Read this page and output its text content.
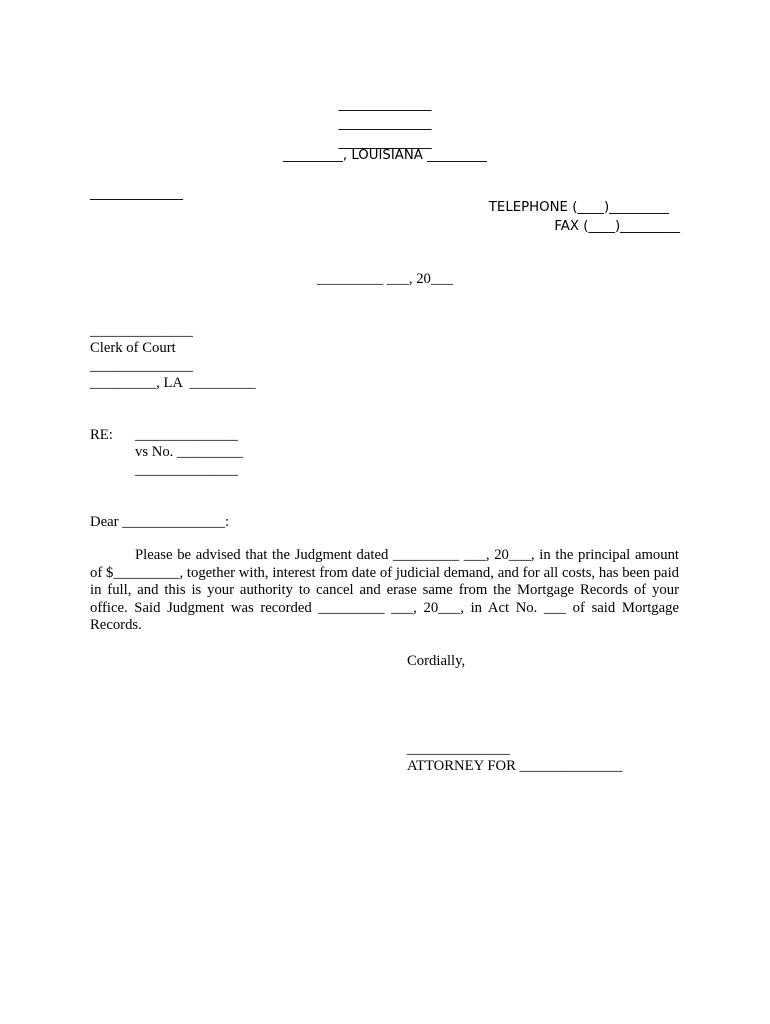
______________
______________
______________
_________, LOUISIANA _________
______________
TELEPHONE (____)_________
FAX (____)_________
_________ ___, 20___
______________
Clerk of Court
______________
_________, LA  _________
RE: ______________
vs No. _________
______________
Dear ______________:
Please be advised that the Judgment dated _________ ___, 20___, in the principal amount of $_________, together with, interest from date of judicial demand, and for all costs, has been paid in full, and this is your authority to cancel and erase same from the Mortgage Records of your office. Said Judgment was recorded _________ ___, 20___, in Act No. ___ of said Mortgage Records.
Cordially,
______________
ATTORNEY FOR ______________
